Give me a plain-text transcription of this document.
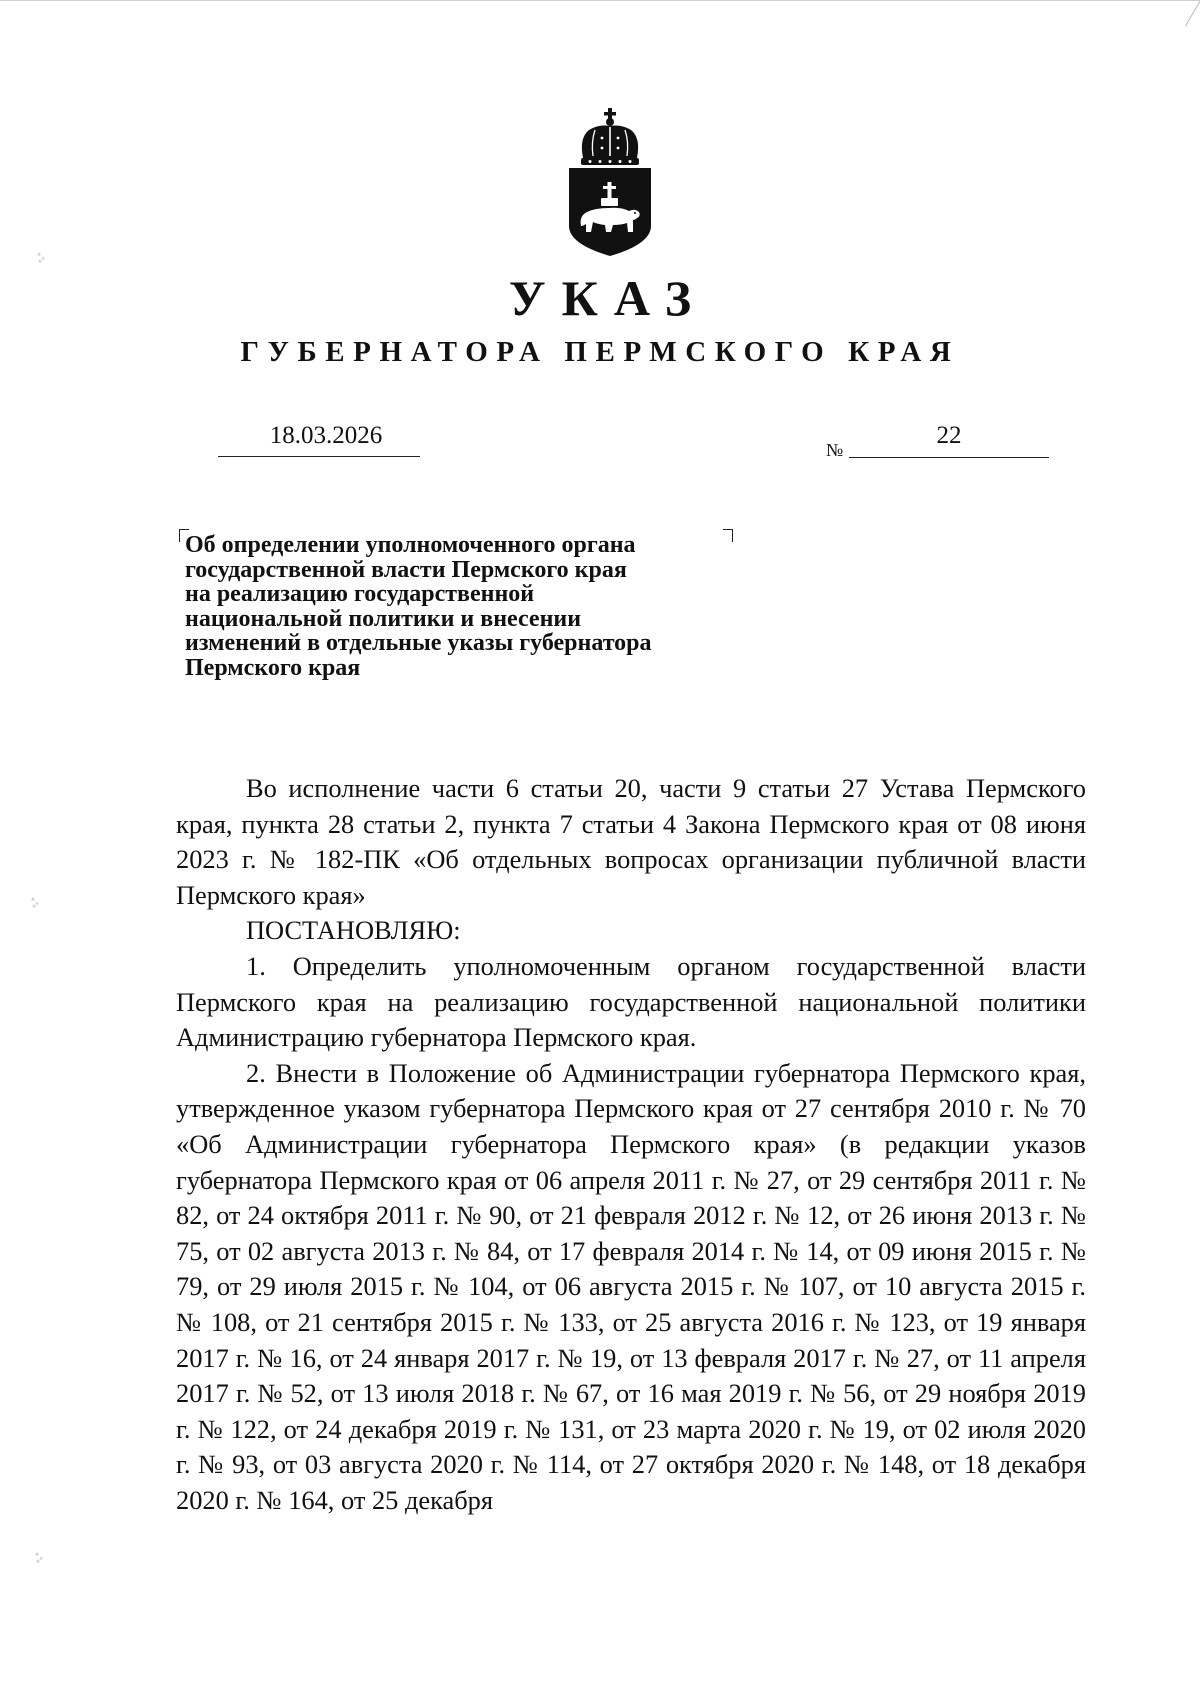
УКАЗ
ГУБЕРНАТОРА ПЕРМСКОГО КРАЯ
18.03.2026
№
22
Об определении уполномоченного органа
государственной власти Пермского края
на реализацию государственной
национальной политики и внесении
изменений в отдельные указы губернатора
Пермского края

Во исполнение части 6 статьи 20, части 9 статьи 27 Устава Пермского края, пункта 28 статьи 2, пункта 7 статьи 4 Закона Пермского края от 08 июня 2023 г. № 182-ПК «Об отдельных вопросах организации публичной власти Пермского края»

ПОСТАНОВЛЯЮ:

1. Определить уполномоченным органом государственной власти Пермского края на реализацию государственной национальной политики Администрацию губернатора Пермского края.

2. Внести в Положение об Администрации губернатора Пермского края, утвержденное указом губернатора Пермского края от 27 сентября 2010 г. № 70 «Об Администрации губернатора Пермского края» (в редакции указов губернатора Пермского края от 06 апреля 2011 г. № 27, от 29 сентября 2011 г. № 82, от 24 октября 2011 г. № 90, от 21 февраля 2012 г. № 12, от 26 июня 2013 г. № 75, от 02 августа 2013 г. № 84, от 17 февраля 2014 г. № 14, от 09 июня 2015 г. № 79, от 29 июля 2015 г. № 104, от 06 августа 2015 г. № 107, от 10 августа 2015 г. № 108, от 21 сентября 2015 г. № 133, от 25 августа 2016 г. № 123, от 19 января 2017 г. № 16, от 24 января 2017 г. № 19, от 13 февраля 2017 г. № 27, от 11 апреля 2017 г. № 52, от 13 июля 2018 г. № 67, от 16 мая 2019 г. № 56, от 29 ноября 2019 г. № 122, от 24 декабря 2019 г. № 131, от 23 марта 2020 г. № 19, от 02 июля 2020 г. № 93, от 03 августа 2020 г. № 114, от 27 октября 2020 г. № 148, от 18 декабря 2020 г. № 164, от 25 декабря
